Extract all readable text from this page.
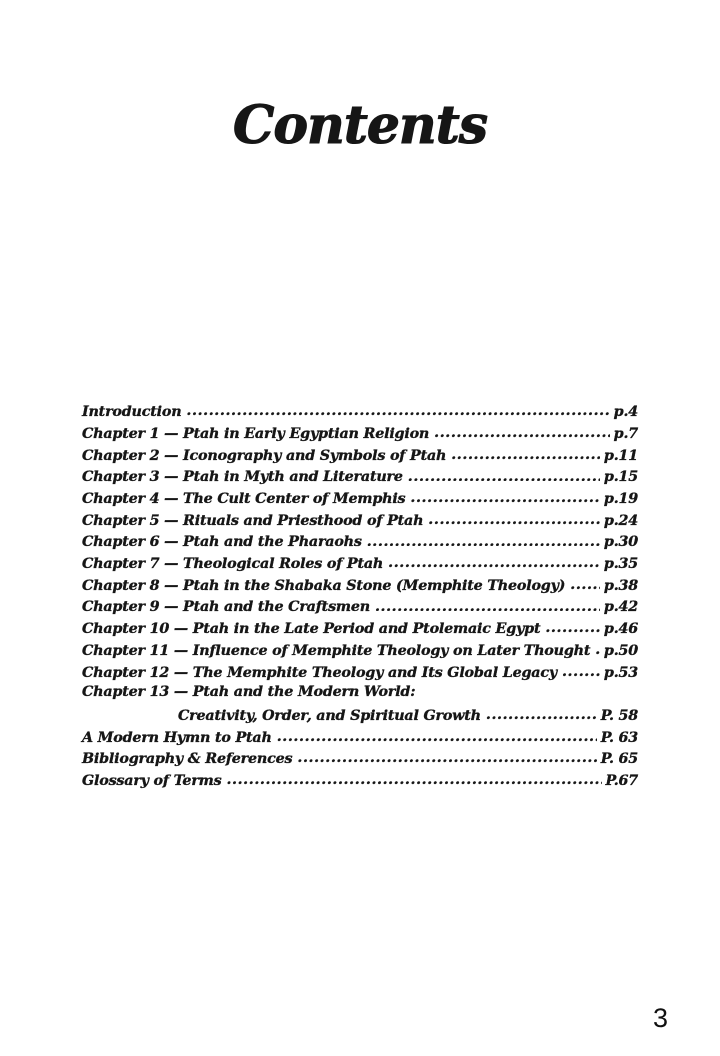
Contents
Introduction .....	p.4
Chapter 1 — Ptah in Early Egyptian Religion .....	p.7
Chapter 2 — Iconography and Symbols of Ptah .....	p.11
Chapter 3 — Ptah in Myth and Literature .....	p.15
Chapter 4 — The Cult Center of Memphis .....	p.19
Chapter 5 — Rituals and Priesthood of Ptah .....	p.24
Chapter 6 — Ptah and the Pharaohs .....	p.30
Chapter 7 — Theological Roles of Ptah .....	p.35
Chapter 8 — Ptah in the Shabaka Stone (Memphite Theology) .....	p.38
Chapter 9 — Ptah and the Craftsmen .....	p.42
Chapter 10 — Ptah in the Late Period and Ptolemaic Egypt .....	p.46
Chapter 11 — Influence of Memphite Theology on Later Thought ..... p.50
Chapter 12 — The Memphite Theology and Its Global Legacy .....	p.53
Chapter 13 — Ptah and the Modern World:
Creativity, Order, and Spiritual Growth .....	P. 58
A Modern Hymn to Ptah .....	P. 63
Bibliography & References .....	P. 65
Glossary of Terms .....	P.67
3
